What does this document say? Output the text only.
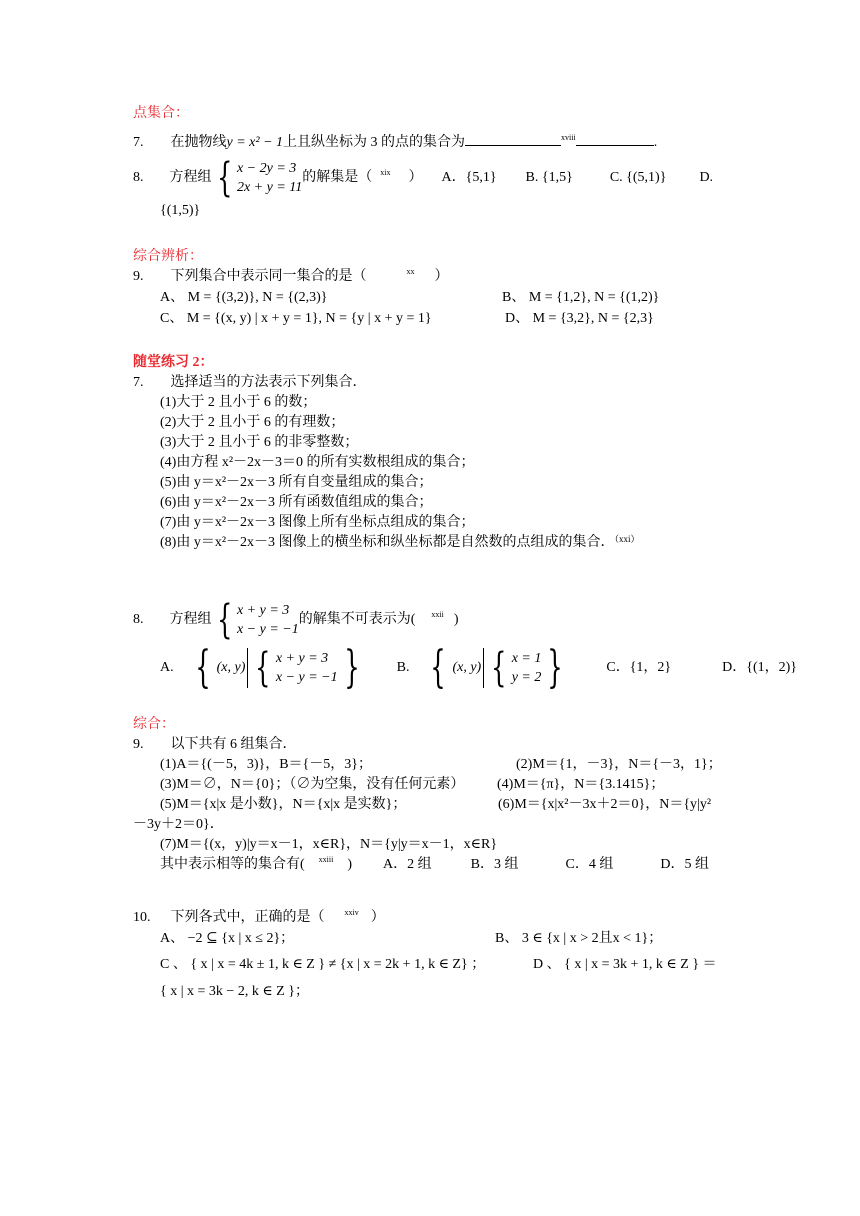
点集合：
7. 在抛物线y = x² − 1上且纵坐标为 3 的点的集合为	$^{xviii}$	.
8. 方程组 { x − 2y = 3
2x + y = 11
的解集是（ $^{xix}$ ） A．{5,1} B. {1,5}	C. {(5,1)} D.
{(1,5)}
综合辨析：
9. 下列集合中表示同一集合的是（	$^{xx}$ ）
A、 M = {(3,2)}, N = {(2,3)}	B、 M = {1,2}, N = {(1,2)}
C、 M = {(x, y) | x + y = 1}, N = {y | x + y = 1}	D、 M = {3,2}, N = {2,3}
随堂练习 2：
7. 选择适当的方法表示下列集合．
(1)大于 2 且小于 6 的数；
(2)大于 2 且小于 6 的有理数；
(3)大于 2 且小于 6 的非零整数；
(4)由方程 x²－2x－3＝0 的所有实数根组成的集合；
(5)由 y＝x²－2x－3 所有自变量组成的集合；
(6)由 y＝x²－2x－3 所有函数值组成的集合；
(7)由 y＝x²－2x－3 图像上所有坐标点组成的集合；
(8)由 y＝x²－2x－3 图像上的横坐标和纵坐标都是自然数的点组成的集合．$^{(xxi)}$
8. 方程组 { x + y = 3
x − y = −1
的解集不可表示为( $^{xxii}$ )
A. { (x, y) { x + y = 3
x − y = −1 }	B. { (x, y) { x = 1
y = 2 }	C．{1，2}	D．{(1，2)}
综合：
9. 以下共有 6 组集合．
(1)A＝{(－5，3)}，B＝{－5，3}；	(2)M＝{1，－3}，N＝{－3，1}；
(3)M＝∅，N＝{0}；（∅为空集，没有任何元素） (4)M＝{π}，N＝{3.1415}；
(5)M＝{x|x 是小数}，N＝{x|x 是实数}；	(6)M＝{x|x²－3x＋2＝0}，N＝{y|y²
－3y＋2＝0}．
(7)M＝{(x，y)|y＝x－1，x∈R}，N＝{y|y＝x－1，x∈R}
其中表示相等的集合有( $^{xxiii}$ ) A．2 组	B．3 组	C．4 组	D．5 组
10. 下列各式中，正确的是（	$^{xxiv}$ ）
A、 −2 ⊆ {x | x ≤ 2}；	B、 3 ∈ {x | x > 2且x < 1}；
C 、 { x | x = 4k ± 1, k ∈ Z } ≠ {x | x = 2k + 1, k ∈ Z} ；	D 、 { x | x = 3k + 1, k ∈ Z } ＝
{ x | x = 3k − 2, k ∈ Z }；
